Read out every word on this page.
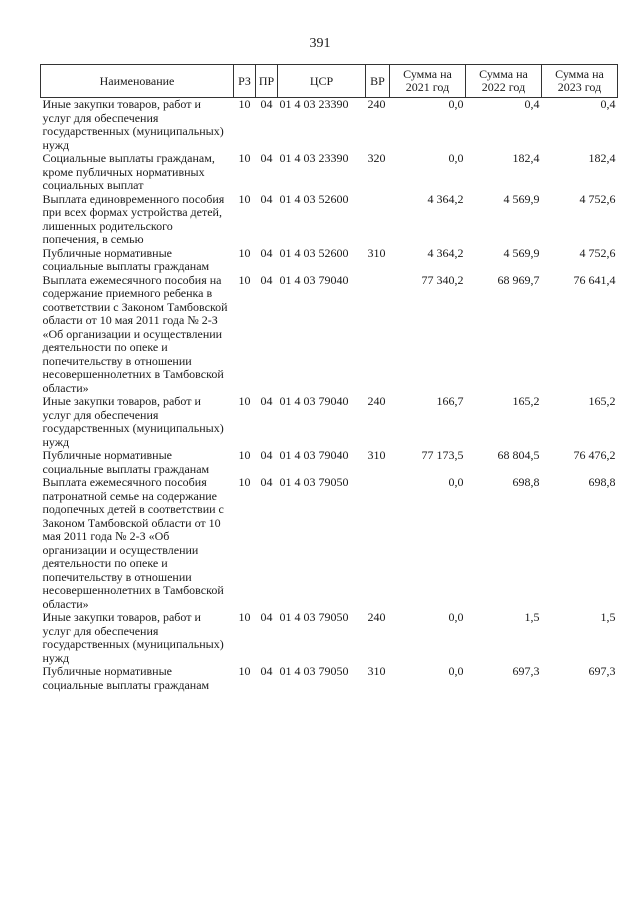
391
Наименование	РЗ	ПР	ЦСР	ВР	Сумма на 2021 год	Сумма на 2022 год	Сумма на 2023 год
Иные закупки товаров, работ и услуг для обеспечения государственных (муниципальных) нужд	10	04	01 4 03 23390	240	0,0	0,4	0,4
Социальные выплаты гражданам, кроме публичных нормативных социальных выплат	10	04	01 4 03 23390	320	0,0	182,4	182,4
Выплата единовременного пособия при всех формах устройства детей, лишенных родительского попечения, в семью	10	04	01 4 03 52600		4 364,2	4 569,9	4 752,6
Публичные нормативные социальные выплаты гражданам	10	04	01 4 03 52600	310	4 364,2	4 569,9	4 752,6
Выплата ежемесячного пособия на содержание приемного ребенка в соответствии с Законом Тамбовской области от 10 мая 2011 года № 2-З «Об организации и осуществлении деятельности по опеке и попечительству в отношении несовершеннолетних в Тамбовской области»	10	04	01 4 03 79040		77 340,2	68 969,7	76 641,4
Иные закупки товаров, работ и услуг для обеспечения государственных (муниципальных) нужд	10	04	01 4 03 79040	240	166,7	165,2	165,2
Публичные нормативные социальные выплаты гражданам	10	04	01 4 03 79040	310	77 173,5	68 804,5	76 476,2
Выплата ежемесячного пособия патронатной семье на содержание подопечных детей в соответствии с Законом Тамбовской области от 10 мая 2011 года № 2-З «Об организации и осуществлении деятельности по опеке и попечительству в отношении несовершеннолетних в Тамбовской области»	10	04	01 4 03 79050		0,0	698,8	698,8
Иные закупки товаров, работ и услуг для обеспечения государственных (муниципальных) нужд	10	04	01 4 03 79050	240	0,0	1,5	1,5
Публичные нормативные социальные выплаты гражданам	10	04	01 4 03 79050	310	0,0	697,3	697,3
